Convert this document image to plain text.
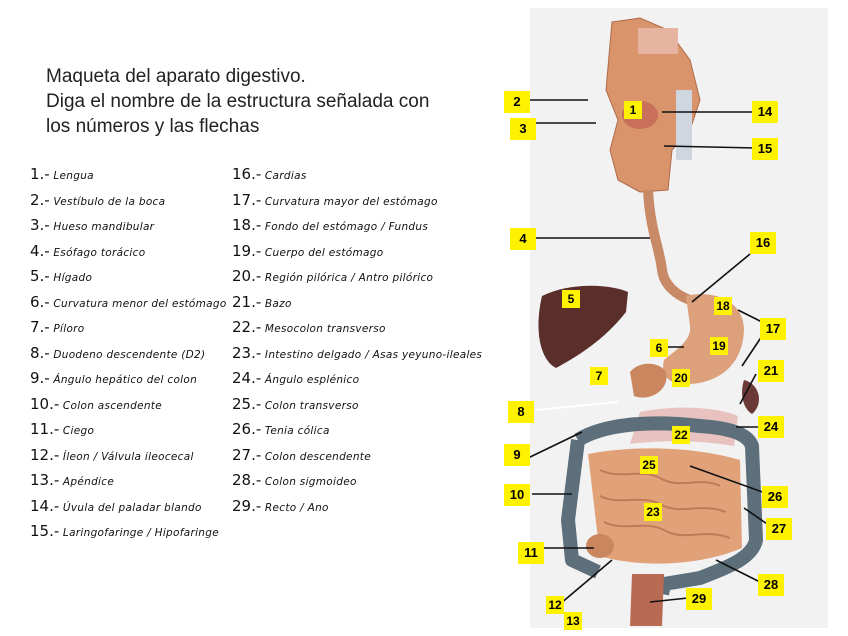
Maqueta del aparato digestivo.
Diga el nombre de la estructura señalada con
los números y las flechas
1.- Lengua
2.- Vestíbulo de la boca
3.- Hueso mandibular
4.- Esófago torácico
5.- Hígado
6.- Curvatura menor del estómago
7.- Píloro
8.- Duodeno descendente (D2)
9.- Ángulo hepático del colon
10.- Colon ascendente
11.- Ciego
12.- Íleon / Válvula ileocecal
13.- Apéndice
14.- Úvula del paladar blando
15.- Laringofaringe / Hipofaringe
16.- Cardias
17.- Curvatura mayor del estómago
18.- Fondo del estómago / Fundus
19.- Cuerpo del estómago
20.- Región pilórica / Antro pilórico
21.- Bazo
22.- Mesocolon transverso
23.- Intestino delgado / Asas yeyuno-ileales
24.- Ángulo esplénico
25.- Colon transverso
26.- Tenia cólica
27.- Colon descendente
28.- Colon sigmoideo
29.- Recto / Ano
1
2
3
4
5
6
7
8
9
10
11
12
13
14
15
16
17
18
19
20	21
22
23
24
25
26
27
28
29
